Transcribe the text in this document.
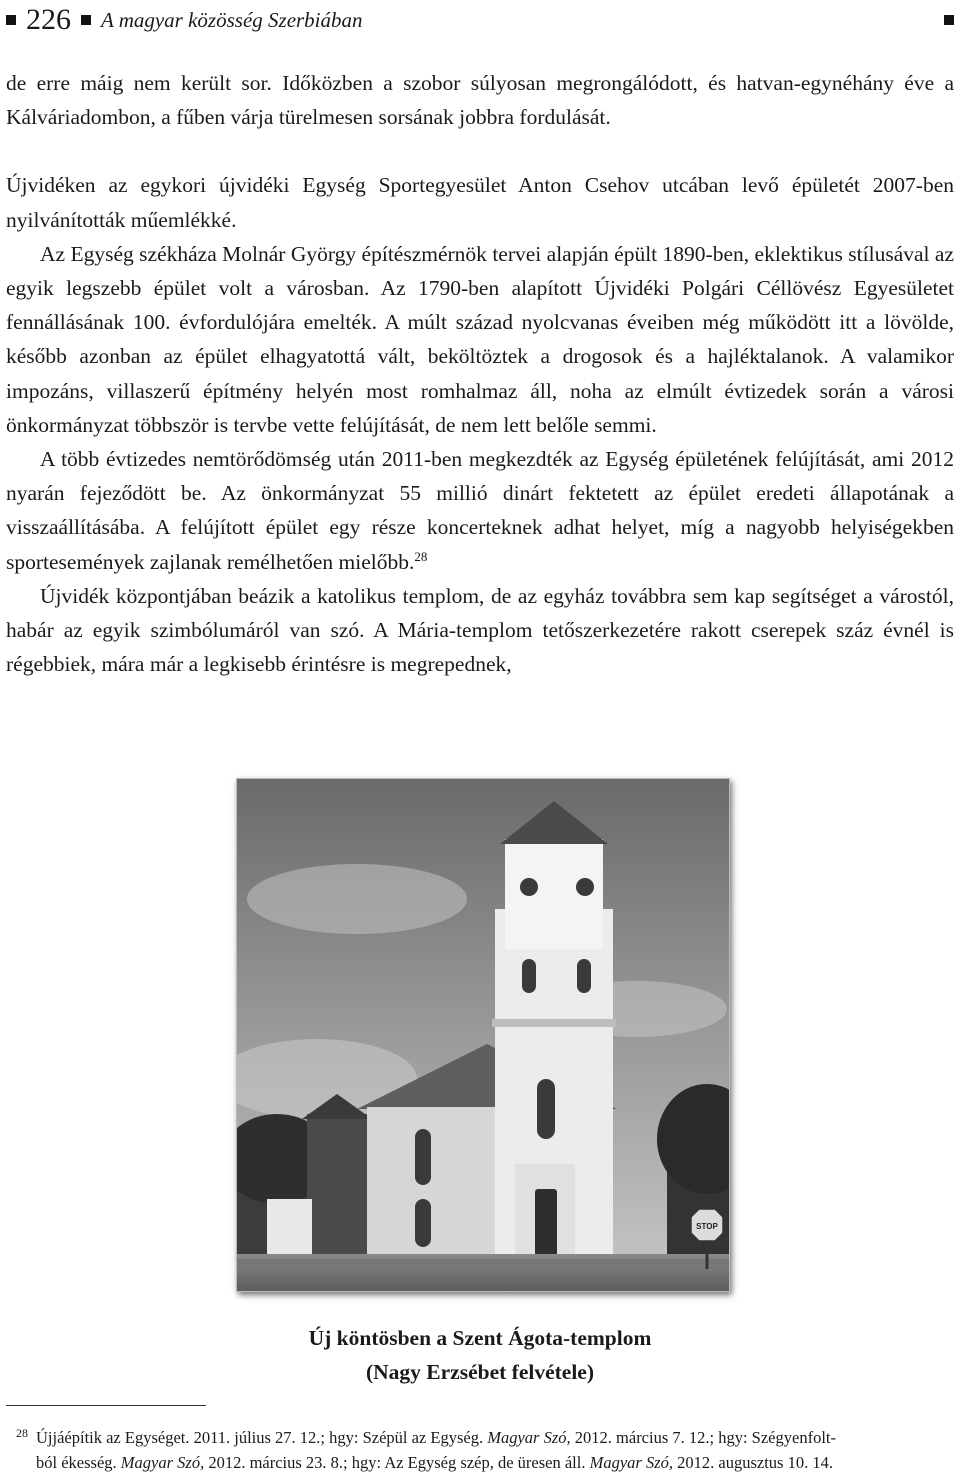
226 A magyar közösség Szerbiában

de erre máig nem került sor. Időközben a szobor súlyosan megrongálódott, és hatvan-egynéhány éve a Kálváriadombon, a fűben várja türelmesen sorsának jobbra fordulását.

Újvidéken az egykori újvidéki Egység Sportegyesület Anton Csehov utcában levő épületét 2007-ben nyilvánították műemlékké.

Az Egység székháza Molnár György építészmérnök tervei alapján épült 1890-ben, eklektikus stílusával az egyik legszebb épület volt a városban. Az 1790-ben alapított Újvidéki Polgári Céllövész Egyesületet fennállásának 100. évfordulójára emelték. A múlt század nyolcvanas éveiben még működött itt a lövölde, később azonban az épület elhagyatottá vált, beköltöztek a drogosok és a hajléktalanok. A valamikor impozáns, villaszerű építmény helyén most romhalmaz áll, noha az elmúlt évtizedek során a városi önkormányzat többször is tervbe vette felújítását, de nem lett belőle semmi.

A több évtizedes nemtörődömség után 2011-ben megkezdték az Egység épületének felújítását, ami 2012 nyarán fejeződött be. Az önkormányzat 55 millió dinárt fektetett az épület eredeti állapotának a visszaállításába. A felújított épület egy része koncerteknek adhat helyet, míg a nagyobb helyiségekben sportesemények zajlanak remélhetően mielőbb.$^{28}$

Újvidék központjában beázik a katolikus templom, de az egyház továbbra sem kap segítséget a várostól, habár az egyik szimbólumáról van szó. A Mária-templom tetőszerkezetére rakott cserepek száz évnél is régebbiek, mára már a legkisebb érintésre is megrepednek,

STOP
Új köntösben a Szent Ágota-templom
(Nagy Erzsébet felvétele)
28 Újjáépítik az Egységet. 2011. július 27. 12.; hgy: Szépül az Egység. Magyar Szó, 2012. március 7. 12.; hgy: Szégyenfolt-
ból ékesség. Magyar Szó, 2012. március 23. 8.; hgy: Az Egység szép, de üresen áll. Magyar Szó, 2012. augusztus 10. 14.
